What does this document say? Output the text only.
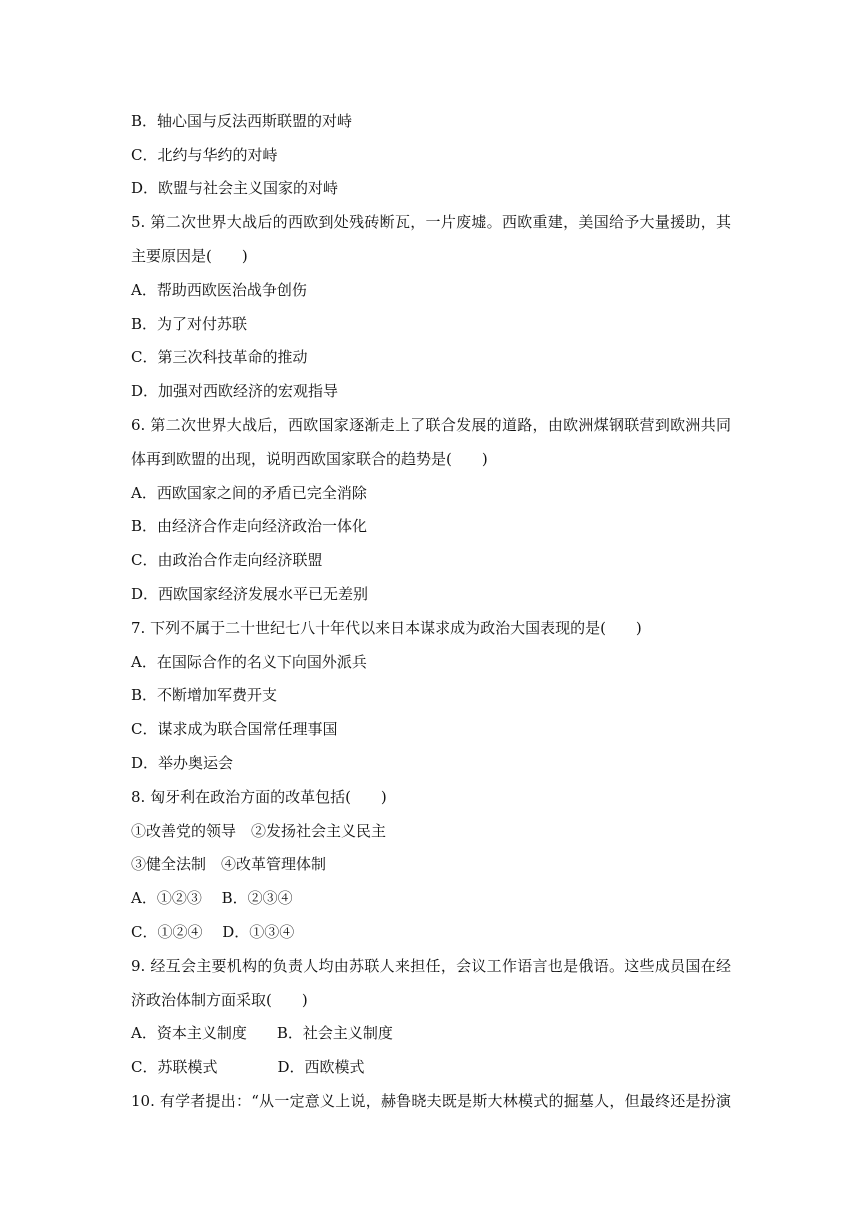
B．轴心国与反法西斯联盟的对峙
C．北约与华约的对峙
D．欧盟与社会主义国家的对峙
5. 第二次世界大战后的西欧到处残砖断瓦，一片废墟。西欧重建，美国给予大量援助，其
主要原因是(　　)
A．帮助西欧医治战争创伤
B．为了对付苏联
C．第三次科技革命的推动
D．加强对西欧经济的宏观指导
6. 第二次世界大战后，西欧国家逐渐走上了联合发展的道路，由欧洲煤钢联营到欧洲共同
体再到欧盟的出现，说明西欧国家联合的趋势是(　　)
A．西欧国家之间的矛盾已完全消除
B．由经济合作走向经济政治一体化
C．由政治合作走向经济联盟
D．西欧国家经济发展水平已无差别
7. 下列不属于二十世纪七八十年代以来日本谋求成为政治大国表现的是(　　)
A．在国际合作的名义下向国外派兵
B．不断增加军费开支
C．谋求成为联合国常任理事国
D．举办奥运会
8. 匈牙利在政治方面的改革包括(　　)
①改善党的领导　②发扬社会主义民主
③健全法制　④改革管理体制
A．①②③　 B．②③④
C．①②④　 D．①③④
9. 经互会主要机构的负责人均由苏联人来担任，会议工作语言也是俄语。这些成员国在经
济政治体制方面采取(　　)
A．资本主义制度　　B．社会主义制度
C．苏联模式　　　　D．西欧模式
10. 有学者提出：“从一定意义上说，赫鲁晓夫既是斯大林模式的掘墓人，但最终还是扮演
